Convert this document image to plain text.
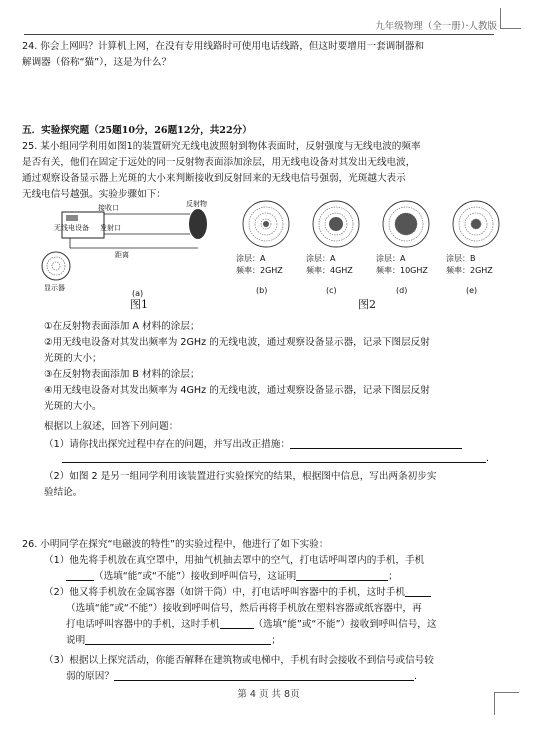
九年级物理（全一册）·人教版
24. 你会上网吗？计算机上网，在没有专用线路时可使用电话线路，但这时要增用一套调制器和
解调器（俗称“猫”），这是为什么？
五．实验探究题（25题10分，26题12分，共22分）
25. 某小组同学利用如图1的装置研究无线电波照射到物体表面时，反射强度与无线电波的频率
是否有关，他们在固定于远处的同一反射物表面添加涂层，用无线电设备对其发出无线电波，
通过观察设备显示器上光斑的大小来判断接收到反射回来的无线电信号强弱，光斑越大表示
无线电信号越强。实验步骤如下：
无线电设备
接收口
发射口
反射物
距离
显示器
(a)
图1
涂层：A
频率：2GHZ
(b)
涂层：A
频率：4GHZ
(c)
涂层：A
频率：10GHZ
(d)
涂层：B
频率：2GHZ
(e)
图2
①在反射物表面添加 A 材料的涂层；
②用无线电设备对其发出频率为 2GHz 的无线电波，通过观察设备显示器，记录下图层反射
光斑的大小；
③在反射物表面添加 B 材料的涂层；
④用无线电设备对其发出频率为 4GHz 的无线电波，通过观察设备显示器，记录下图层反射
光斑的大小。
根据以上叙述，回答下列问题：
（1）请你找出探究过程中存在的问题，并写出改正措施：
.
（2）如图 2 是另一组同学利用该装置进行实验探究的结果，根据图中信息，写出两条初步实
验结论。
26. 小明同学在探究“电磁波的特性”的实验过程中，他进行了如下实验：
（1）他先将手机放在真空罩中，用抽气机抽去罩中的空气，打电话呼叫罩内的手机，手机
（选填“能”或“不能”）接收到呼叫信号，这证明	；
（2）他又将手机放在金属容器（如饼干筒）中，打电话呼叫容器中的手机，这时手机
（选填“能”或“不能”）接收到呼叫信号，然后再将手机放在塑料容器或纸容器中，再
打电话呼叫容器中的手机，这时手机	（选填“能”或“不能”）接收到呼叫信号，这
说明	；
（3）根据以上探究活动，你能否解释在建筑物或电梯中，手机有时会接收不到信号或信号较
弱的原因？	.
第 4 页 共 8页
